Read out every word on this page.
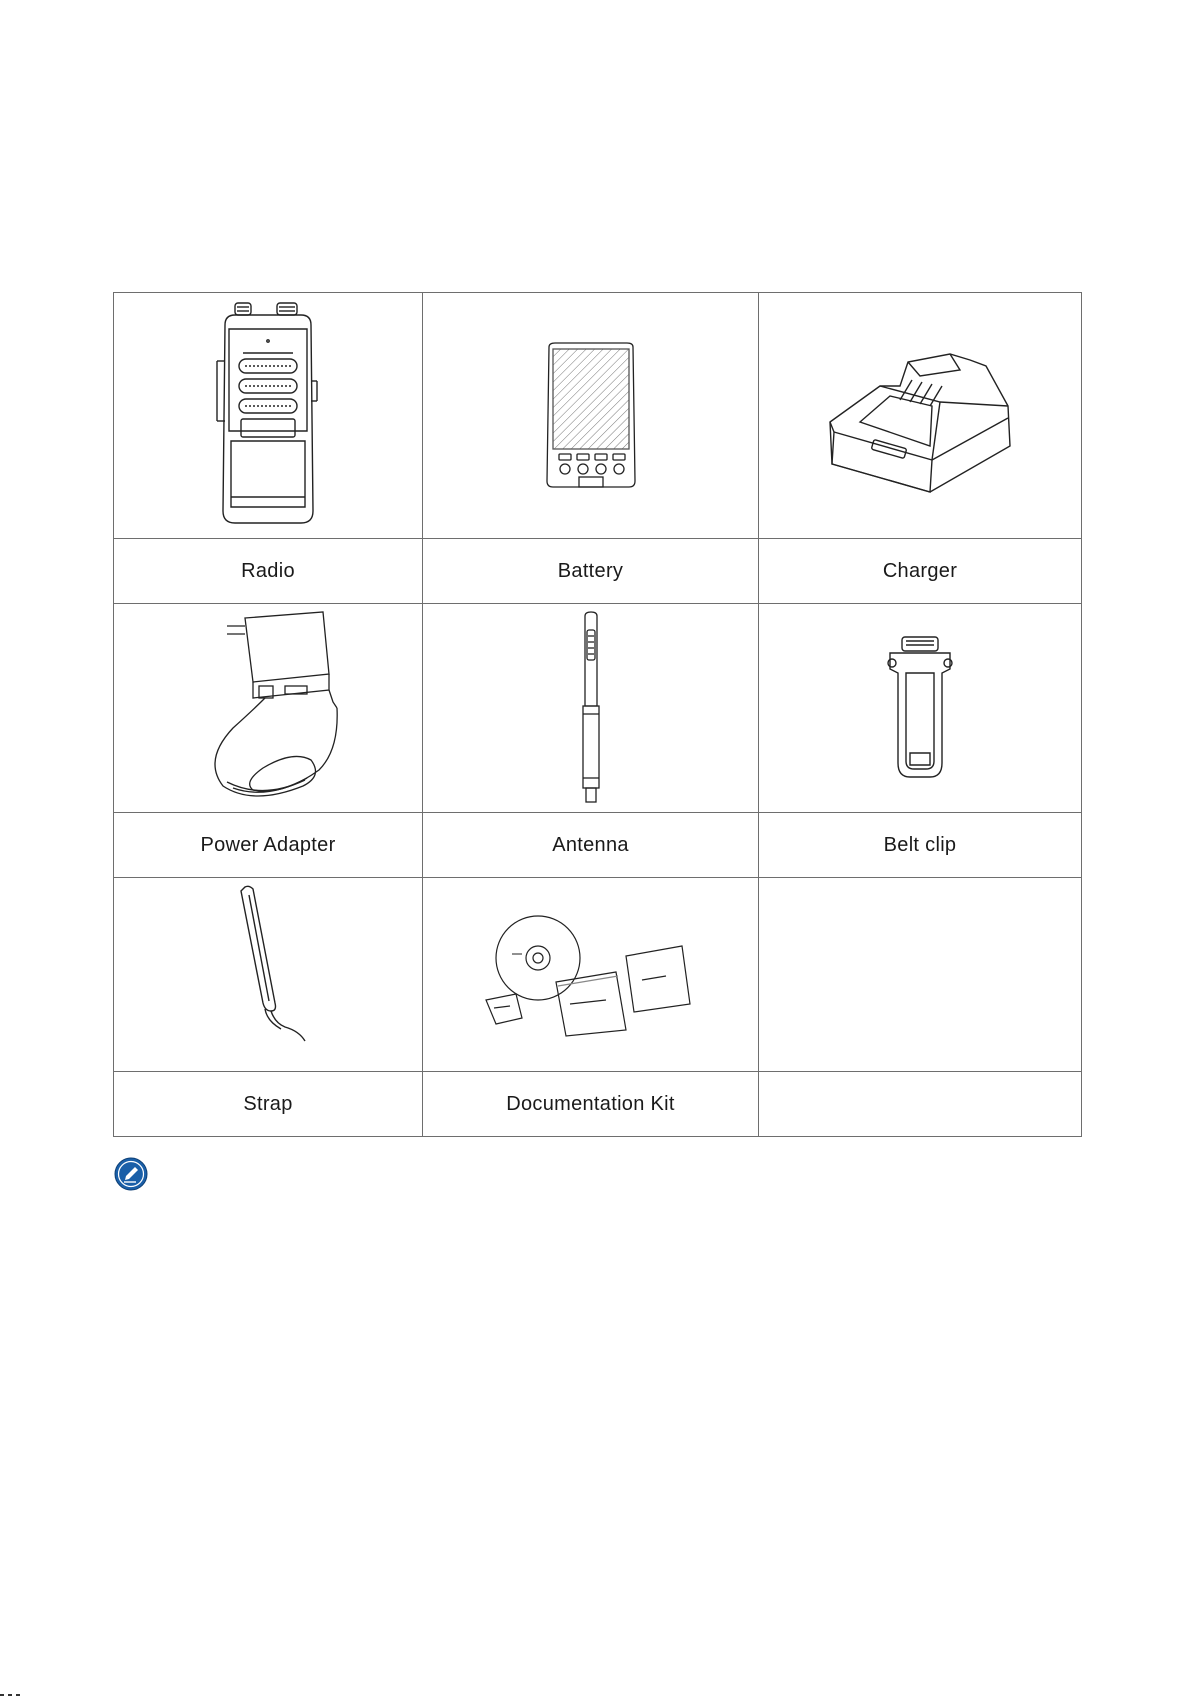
Radio	Battery	Charger

Power Adapter	Antenna	Belt clip

Strap	Documentation Kit	
